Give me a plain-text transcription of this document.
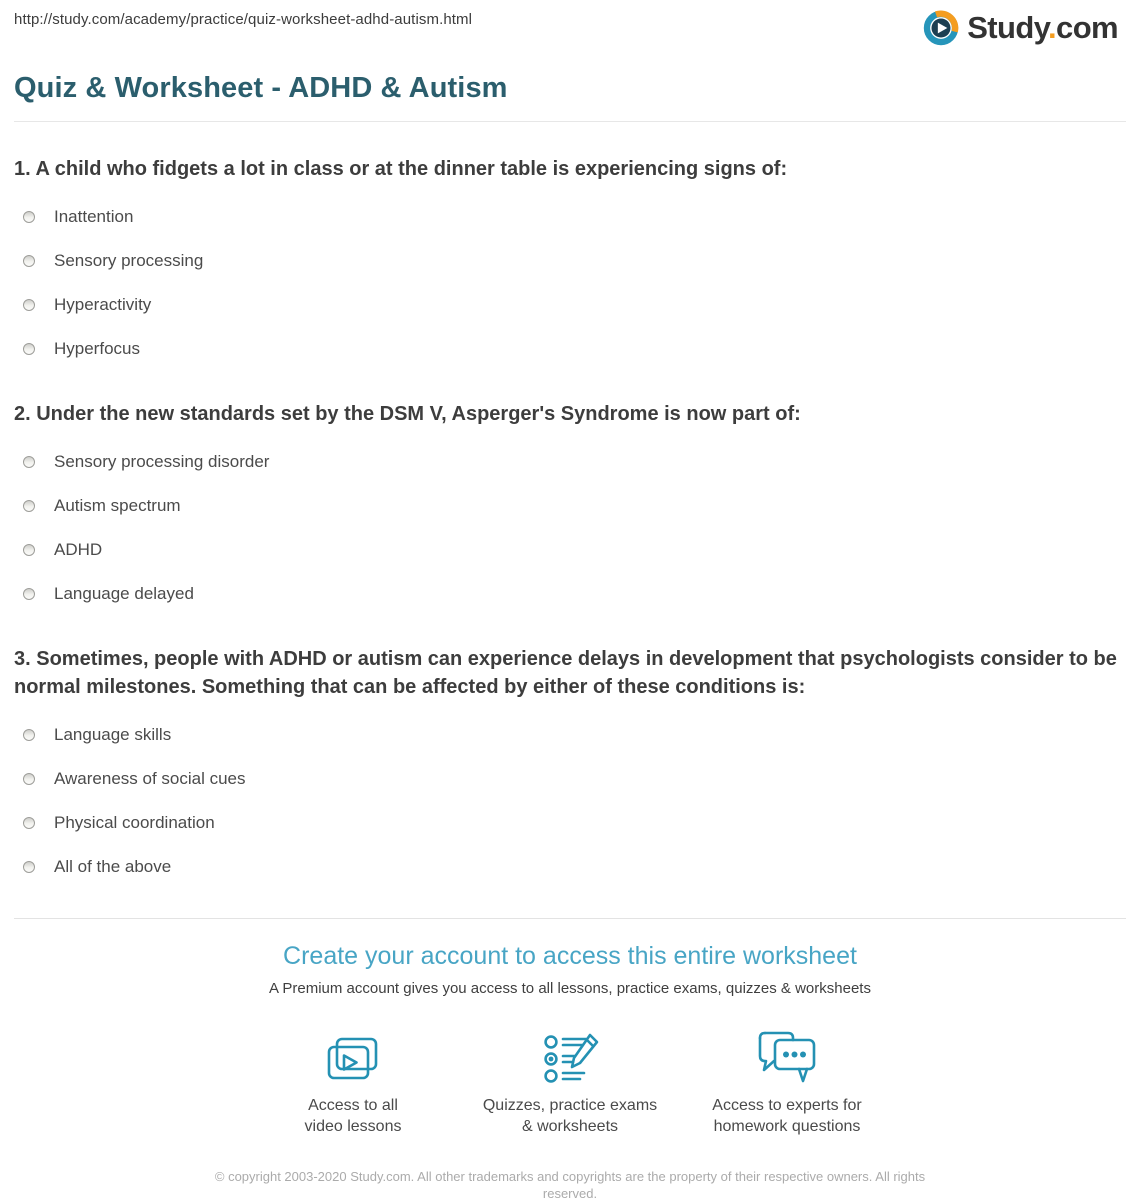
http://study.com/academy/practice/quiz-worksheet-adhd-autism.html	Study.com
Quiz & Worksheet - ADHD & Autism
1. A child who fidgets a lot in class or at the dinner table is experiencing signs of:
Inattention
Sensory processing
Hyperactivity
Hyperfocus
2. Under the new standards set by the DSM V, Asperger's Syndrome is now part of:
Sensory processing disorder
Autism spectrum
ADHD
Language delayed
3. Sometimes, people with ADHD or autism can experience delays in development that psychologists consider to be normal milestones. Something that can be affected by either of these conditions is:
Language skills
Awareness of social cues
Physical coordination
All of the above
Create your account to access this entire worksheet
A Premium account gives you access to all lessons, practice exams, quizzes & worksheets
Access to all
video lessons
Quizzes, practice exams
& worksheets
Access to experts for
homework questions
© copyright 2003-2020 Study.com. All other trademarks and copyrights are the property of their respective owners. All rights reserved.
